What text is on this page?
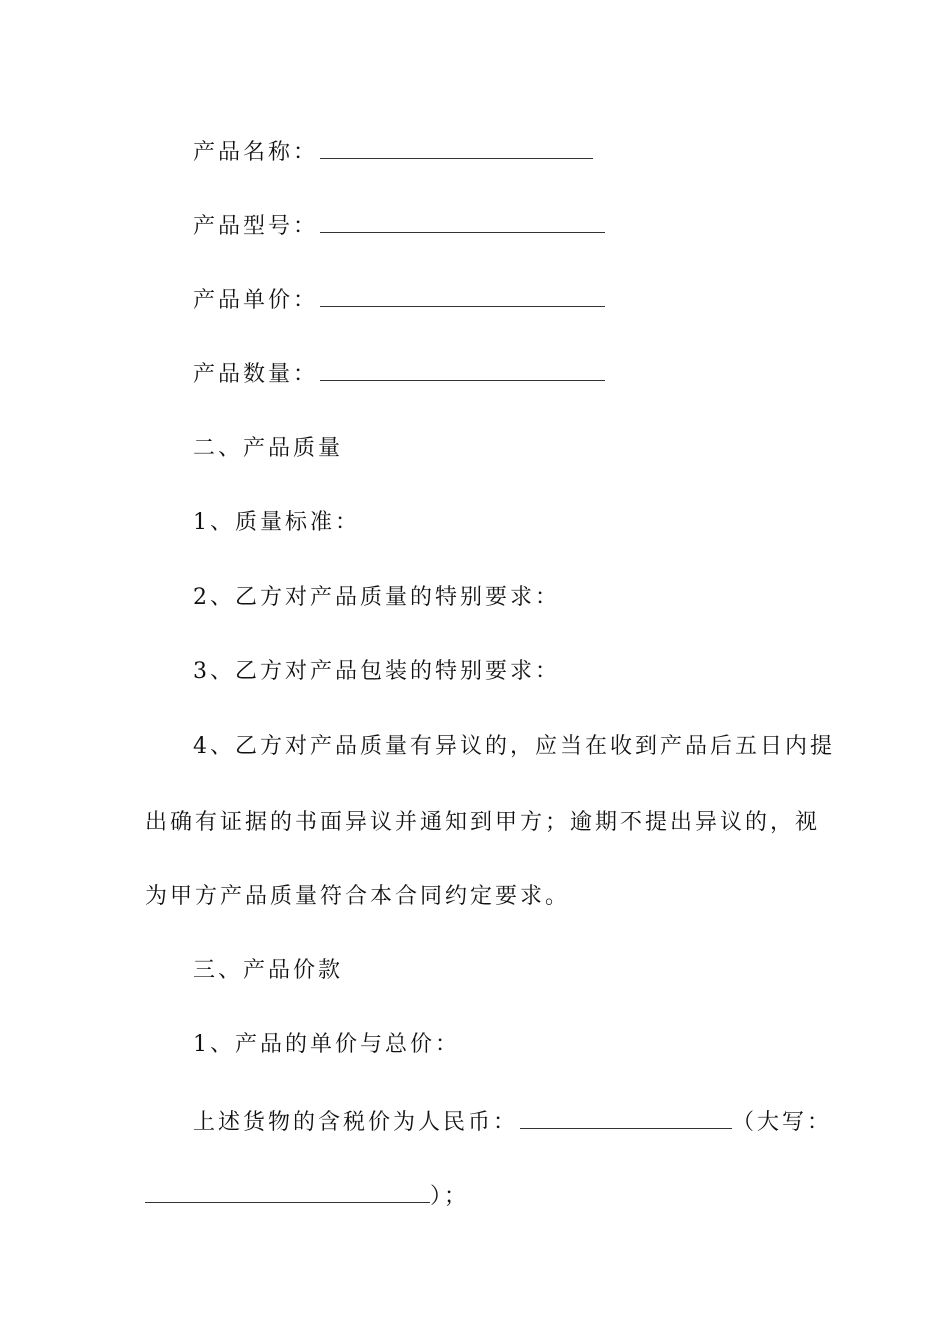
产品名称：
产品型号：
产品单价：
产品数量：
二、产品质量
1、质量标准：
2、乙方对产品质量的特别要求：
3、乙方对产品包装的特别要求：
4、乙方对产品质量有异议的，应当在收到产品后五日内提
出确有证据的书面异议并通知到甲方；逾期不提出异议的，视
为甲方产品质量符合本合同约定要求。
三、产品价款
1、产品的单价与总价：
上述货物的含税价为人民币：	（大写：
）；
